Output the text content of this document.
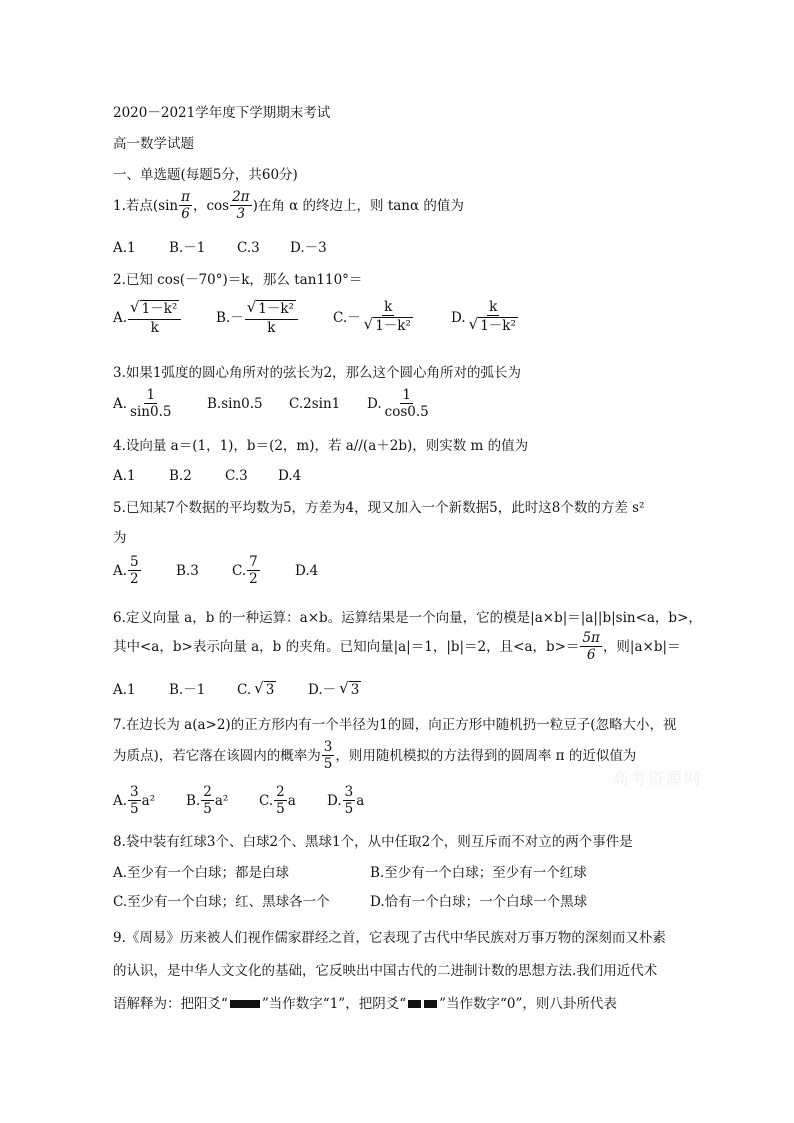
2020－2021学年度下学期期末考试
高一数学试题
一、单选题(每题5分，共60分)
1.若点($\sin \frac{\pi}{6}$ ，$\cos \frac{2\pi}{3}$ )在角 α 的终边上，则 tanα 的值为
A.1 B.－1 C.3 D.－3
2.已知 cos(－70°)＝k，那么 tan110°＝
A. $\frac{\text{√ 1－k²}}{k}$	$B.- \frac{\text{√ 1－k²}}{k}$	$C.- \frac{k}{\text{√ 1－k²}}$	D. $\frac{k}{\text{√ 1－k²}}$
3.如果1弧度的圆心角所对的弦长为2，那么这个圆心角所对的弧长为
A. $\frac{1}{\sin 0.5} B.\sin 0.5$	C.2sin1	D. $\frac{1}{\cos 0.5}$
4.设向量 a＝(1，1)，b＝(2，m)，若 a//(a＋2b)，则实数 m 的值为
A.1 B.2 C.3 D.4
5.已知某7个数据的平均数为5，方差为4，现又加入一个新数据5，此时这8个数的方差 s²
为
A. $\frac{5}{2}$	B.3	C. $\frac{7}{2}$	D.4
6.定义向量 a，b 的一种运算：a×b。运算结果是一个向量，它的模是|a×b|＝|a||b|sin<a，b>，
其中<a，b>表示向量 a，b 的夹角。已知向量|a|＝1，|b|＝2，且<a，$b>= \frac{5\pi}{6}$ ，则|a×b|＝
A.1	B.－1	C. √ 3 D.－ √ 3
7.在边长为 a(a>2)的正方形内有一个半径为1的圆，向正方形中随机扔一粒豆子(忽略大小，视
为质点)，若它落在该圆内的概率为 $\frac{3}{5}$ ，则用随机模拟的方法得到的圆周率 π 的近似值为
A. $\frac{3}{5} a^2$ B. $\frac{2}{5} a^2$ C. $\frac{2}{5}$ a D. $\frac{3}{5}$ a
8.袋中装有红球3个、白球2个、黑球1个，从中任取2个，则互斥而不对立的两个事件是
A.至少有一个白球；都是白球	B.至少有一个白球；至少有一个红球
C.至少有一个白球；红、黑球各一个	D.恰有一个白球；一个白球一个黑球
9.《周易》历来被人们视作儒家群经之首，它表现了古代中华民族对万事万物的深刻而又朴素
的认识，是中华人文文化的基础，它反映出中国古代的二进制计数的思想方法.我们用近代术
语解释为：把阳爻“	”当作数字“1”，把阴爻“ ”当作数字“0”，则八卦所代表
高考资源网
